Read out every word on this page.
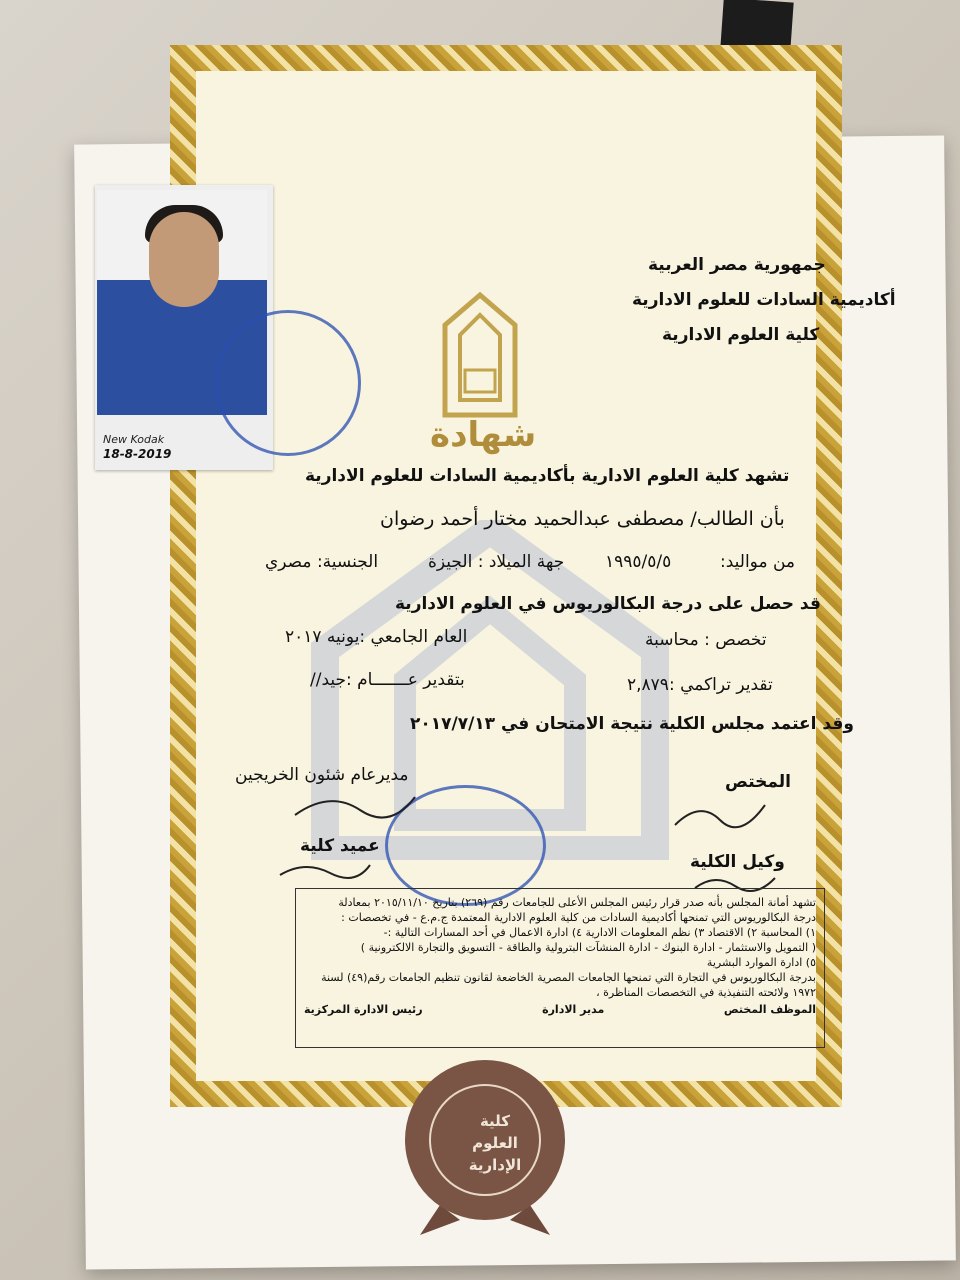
جمهورية مصر العربية
أكاديمية السادات للعلوم الادارية
كلية العلوم الادارية
New Kodak
18-8-2019	شهادة
تشهد كلية العلوم الادارية بأكاديمية السادات للعلوم الادارية
بأن الطالب/ مصطفى عبدالحميد مختار أحمد رضوان
من مواليد:
١٩٩٥/٥/٥
جهة الميلاد : الجيزة
الجنسية: مصري
قد حصل على درجة البكالوريوس في العلوم الادارية
تخصص : محاسبة
العام الجامعي :يونيه ٢٠١٧
تقدير تراكمي :٢,٨٧٩
بتقدير عـــــــام :جيد//
وقد اعتمد مجلس الكلية نتيجة الامتحان في ٢٠١٧/٧/١٣
المختص
مديرعام شئون الخريجين
وكيل الكلية
عميد كلية
تشهد أمانة المجلس بأنه صدر قرار رئيس المجلس الأعلى للجامعات رقم (٢٦٩) بتاريخ ٢٠١٥/١١/١٠ بمعادلة
درجة البكالوريوس التي تمنحها أكاديمية السادات من كلية العلوم الادارية المعتمدة ج.م.ع - في تخصصات :
١) المحاسبة ٢) الاقتصاد ٣) نظم المعلومات الادارية ٤) ادارة الاعمال في أحد المسارات التالية :-
( التمويل والاستثمار - ادارة البنوك - ادارة المنشآت البترولية والطاقة - التسويق والتجارة الالكترونية )
٥) ادارة الموارد البشرية
بدرجة البكالوريوس في التجارة التي تمنحها الجامعات المصرية الخاضعة لقانون تنظيم الجامعات رقم(٤٩) لسنة
١٩٧٢ ولائحته التنفيذية في التخصصات المناظرة ،
الموظف المختص
مدير الادارة
رئيس الادارة المركزية
كلية العلوم الإدارية
